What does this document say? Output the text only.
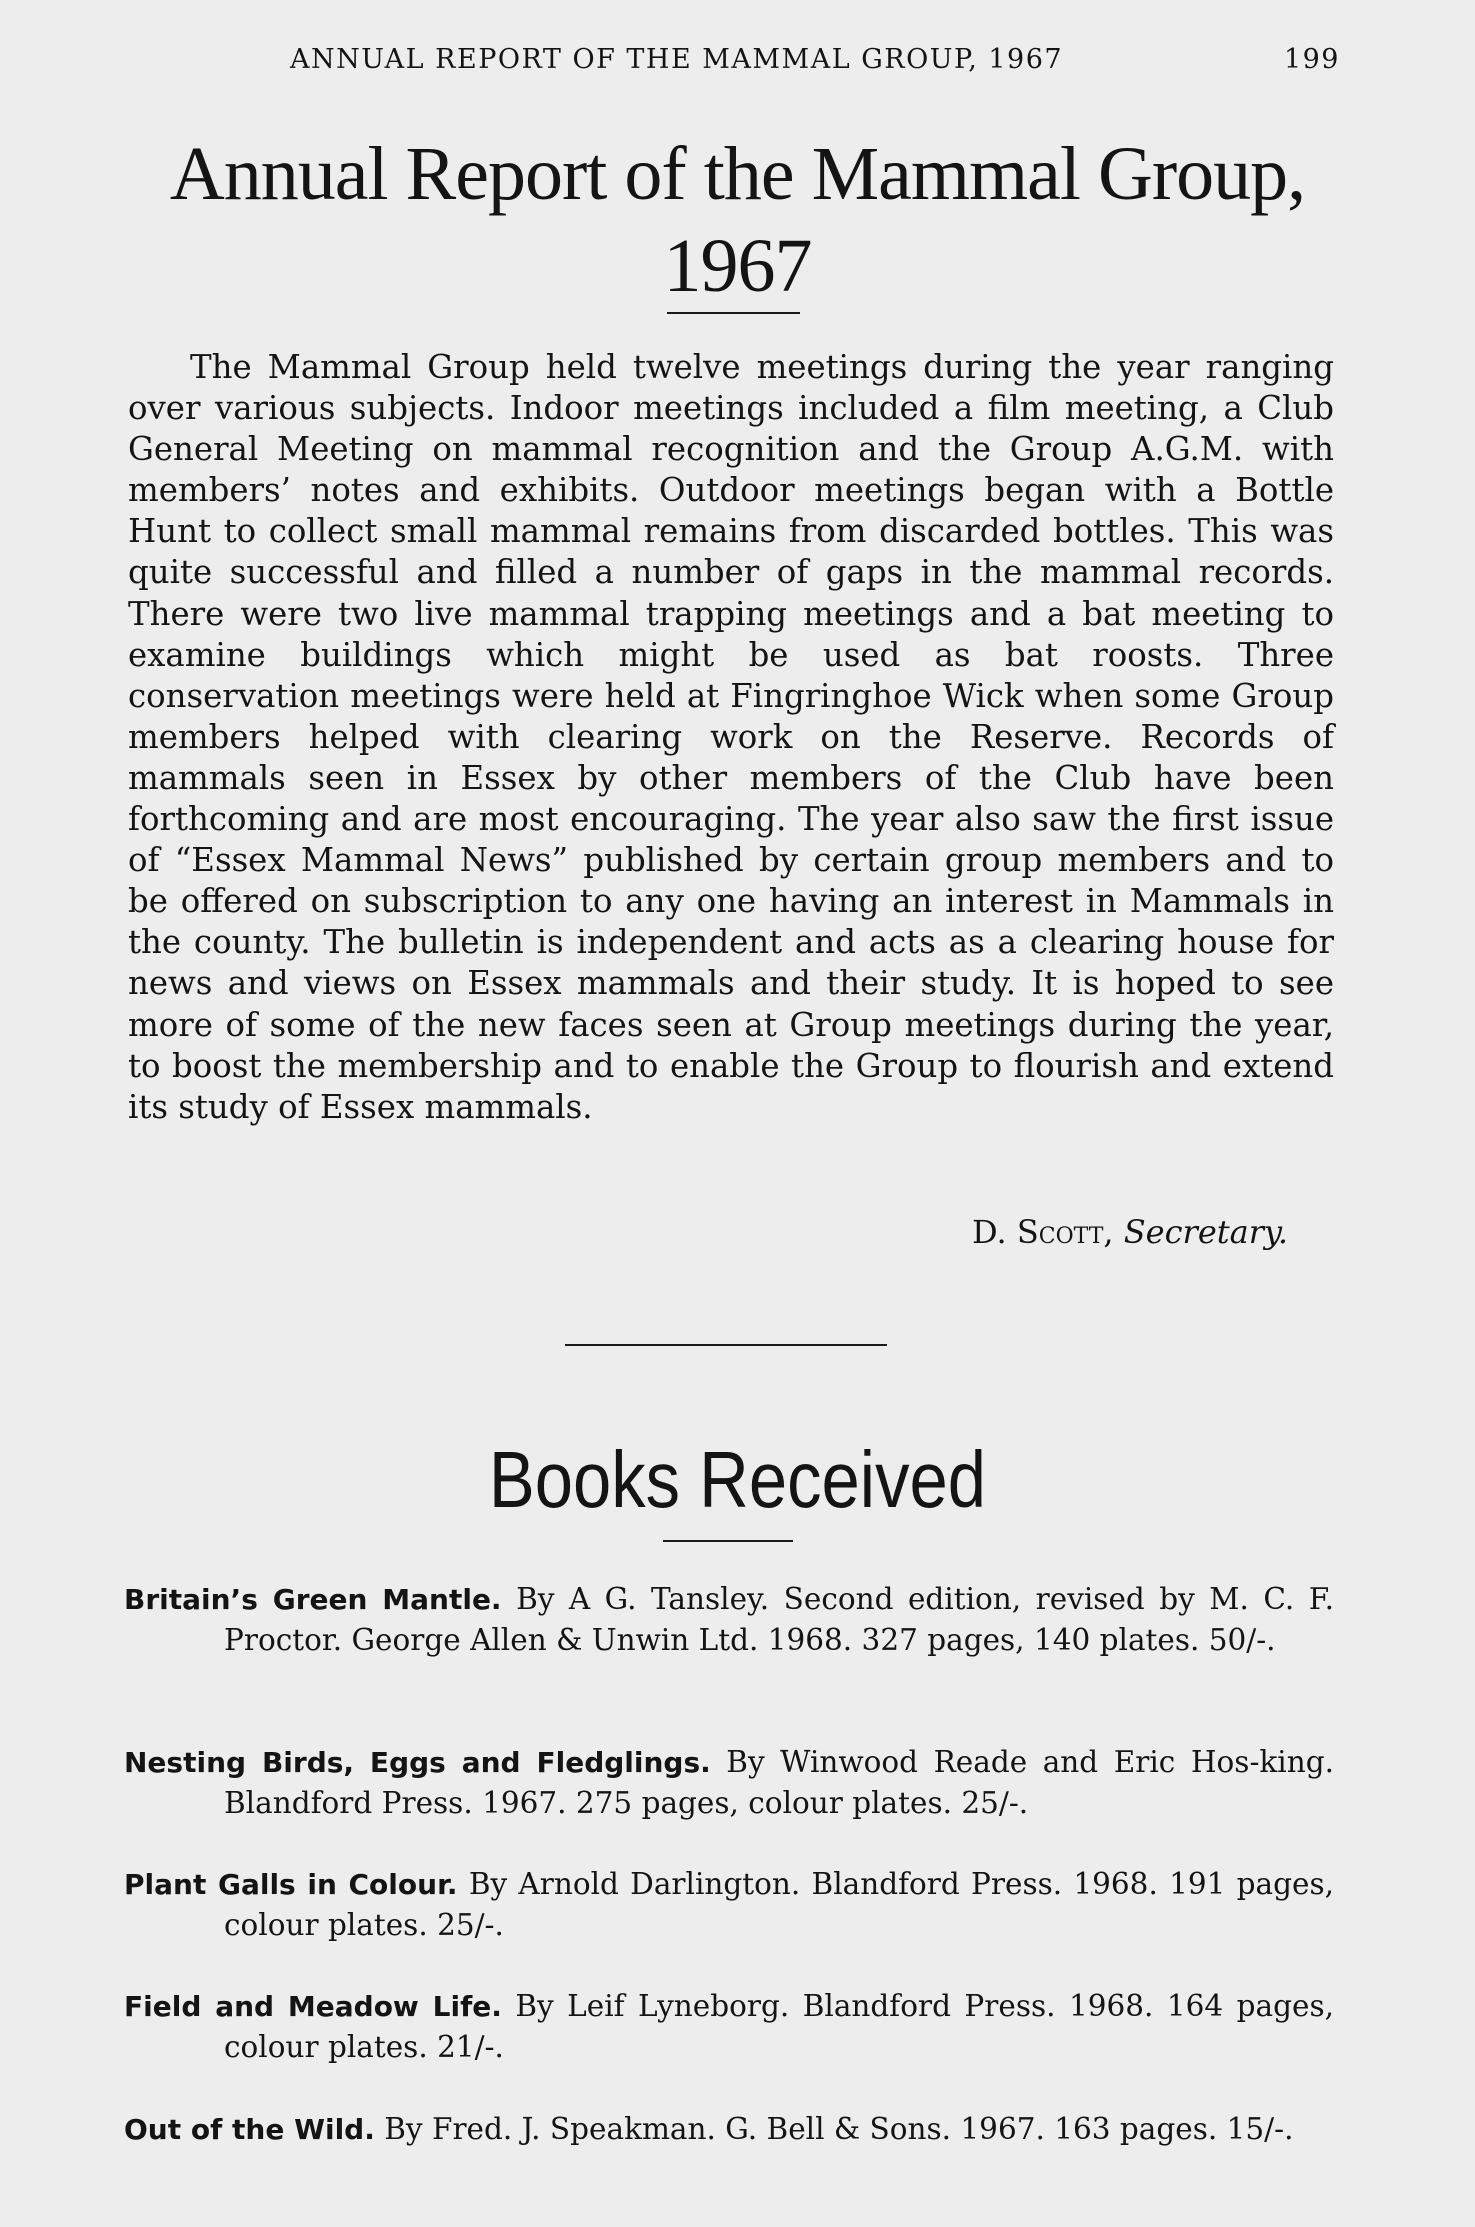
ANNUAL REPORT OF THE MAMMAL GROUP, 1967	199
Annual Report of the Mammal Group,
1967

The Mammal Group held twelve meetings during the year ranging over various subjects. Indoor meetings included a film meeting, a Club General Meeting on mammal recognition and the Group A.G.M. with members’ notes and exhibits. Outdoor meetings began with a Bottle Hunt to collect small mammal remains from discarded bottles. This was quite successful and filled a number of gaps in the mammal records. There were two live mammal trapping meetings and a bat meeting to examine buildings which might be used as bat roosts. Three conservation meetings were held at Fingringhoe Wick when some Group members helped with clearing work on the Reserve. Records of mammals seen in Essex by other members of the Club have been forthcoming and are most encouraging. The year also saw the first issue of “Essex Mammal News” published by certain group members and to be offered on subscription to any one having an interest in Mammals in the county. The bulletin is independent and acts as a clearing house for news and views on Essex mammals and their study. It is hoped to see more of some of the new faces seen at Group meetings during the year, to boost the membership and to enable the Group to flourish and extend its study of Essex mammals.

D. Scott, Secretary.
Books Received
Britain’s Green Mantle. By A G. Tansley. Second edition, revised by M. C. F. Proctor. George Allen & Unwin Ltd. 1968. 327 pages, 140 plates. 50/-.
Nesting Birds, Eggs and Fledglings. By Winwood Reade and Eric Hos-king. Blandford Press. 1967. 275 pages, colour plates. 25/-.
Plant Galls in Colour. By Arnold Darlington. Blandford Press. 1968. 191 pages, colour plates. 25/-.
Field and Meadow Life. By Leif Lyneborg. Blandford Press. 1968. 164 pages, colour plates. 21/-.
Out of the Wild. By Fred. J. Speakman. G. Bell & Sons. 1967. 163 pages. 15/-.
